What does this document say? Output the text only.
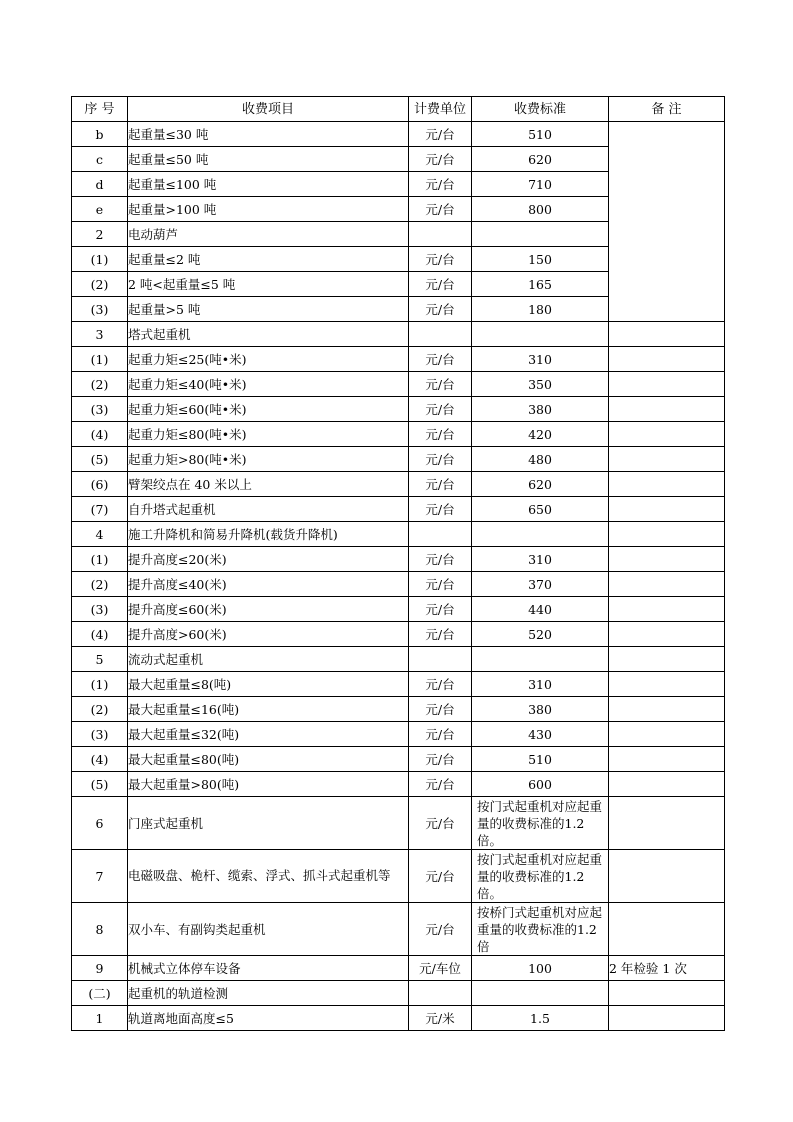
序 号	收费项目	计费单位	收费标准	备 注
b	起重量≤30 吨	元/台	510	
c	起重量≤50 吨	元/台	620	
d	起重量≤100 吨	元/台	710	
e	起重量>100 吨	元/台	800	
2	电动葫芦			
(1)	起重量≤2 吨	元/台	150	
(2)	2 吨<起重量≤5 吨	元/台	165	
(3)	起重量>5 吨	元/台	180	
3	塔式起重机			
(1)	起重力矩≤25(吨•米)	元/台	310	
(2)	起重力矩≤40(吨•米)	元/台	350	
(3)	起重力矩≤60(吨•米)	元/台	380	
(4)	起重力矩≤80(吨•米)	元/台	420	
(5)	起重力矩>80(吨•米)	元/台	480	
(6)	臂架绞点在 40 米以上	元/台	620	
(7)	自升塔式起重机	元/台	650	
4	施工升降机和简易升降机(载货升降机)			
(1)	提升高度≤20(米)	元/台	310	
(2)	提升高度≤40(米)	元/台	370	
(3)	提升高度≤60(米)	元/台	440	
(4)	提升高度>60(米)	元/台	520	
5	流动式起重机			
(1)	最大起重量≤8(吨)	元/台	310	
(2)	最大起重量≤16(吨)	元/台	380	
(3)	最大起重量≤32(吨)	元/台	430	
(4)	最大起重量≤80(吨)	元/台	510	
(5)	最大起重量>80(吨)	元/台	600	
6	门座式起重机	元/台	按门式起重机对应起重量的收费标准的1.2倍。	
7	电磁吸盘、桅杆、缆索、浮式、抓斗式起重机等	元/台	按门式起重机对应起重量的收费标准的1.2倍。	
8	双小车、有副钩类起重机	元/台	按桥门式起重机对应起重量的收费标准的1.2倍	
9	机械式立体停车设备	元/车位	100	2 年检验 1 次
(二)	起重机的轨道检测			
1	轨道离地面高度≤5	元/米	1.5	
